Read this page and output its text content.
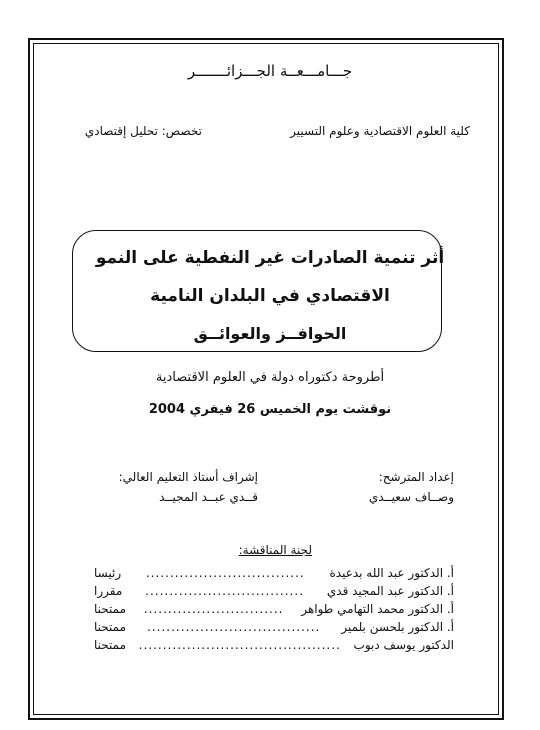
جـــامـــعــة الجـــزائـــــــر
كلية العلوم الاقتصادية وعلوم التسيير
تخصص: تحليل إقتصادي
أثر تنمية الصادرات غير النفطية على النمو
الاقتصادي في البلدان النامية
الحوافــز والعوائــق
أطروحة دكتوراه دولة في العلوم الاقتصادية
نوقشت يوم الخميس 26 فيفري 2004
إعداد المترشح:
وصــاف سعيــدي
إشراف أستاذ التعليم العالي:
قــدي عبــد المجيــد
لجنة المناقشة:
أ. الدكتور عبد الله بدعيدة
.................................
رئيسا
أ. الدكتور عبد المجيد قدي
.................................
مقررا
أ. الدكتور محمد التهامي طواهر
.............................
ممتحنا
أ. الدكتور بلحسن بلمير
....................................
ممتحنا
الدكتور يوسف دبوب
..........................................
ممتحنا
